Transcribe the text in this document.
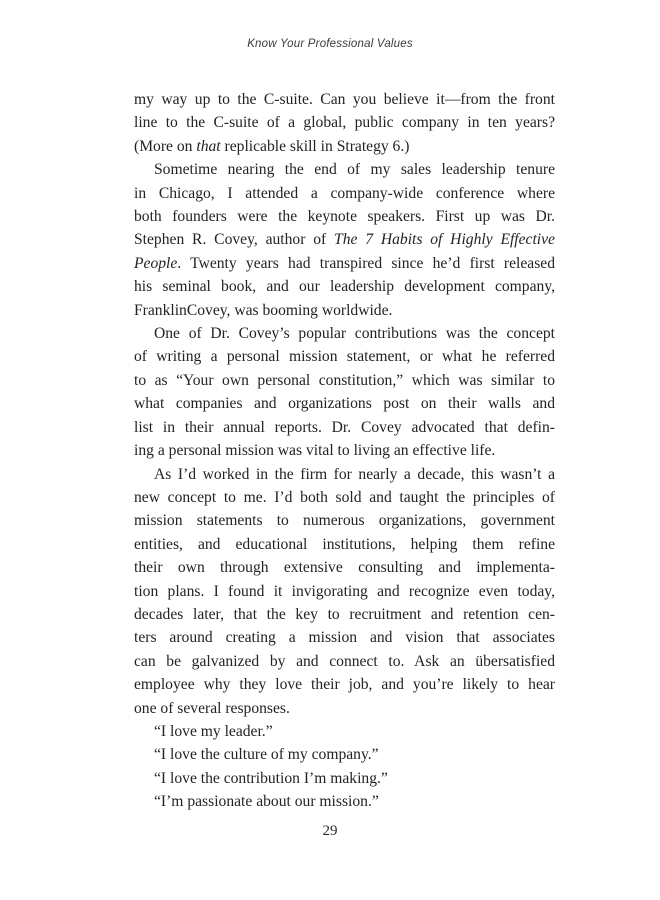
Know Your Professional Values
my way up to the C-suite. Can you believe it—from the front
line to the C-suite of a global, public company in ten years?
(More on that replicable skill in Strategy 6.)
Sometime nearing the end of my sales leadership tenure
in Chicago, I attended a company-wide conference where
both founders were the keynote speakers. First up was Dr.
Stephen R. Covey, author of The 7 Habits of Highly Effective
People. Twenty years had transpired since he’d first released
his seminal book, and our leadership development company,
FranklinCovey, was booming worldwide.
One of Dr. Covey’s popular contributions was the concept
of writing a personal mission statement, or what he referred
to as “Your own personal constitution,” which was similar to
what companies and organizations post on their walls and
list in their annual reports. Dr. Covey advocated that defin-
ing a personal mission was vital to living an effective life.
As I’d worked in the firm for nearly a decade, this wasn’t a
new concept to me. I’d both sold and taught the principles of
mission statements to numerous organizations, government
entities, and educational institutions, helping them refine
their own through extensive consulting and implementa-
tion plans. I found it invigorating and recognize even today,
decades later, that the key to recruitment and retention cen-
ters around creating a mission and vision that associates
can be galvanized by and connect to. Ask an übersatisfied
employee why they love their job, and you’re likely to hear
one of several responses.
“I love my leader.”
“I love the culture of my company.”
“I love the contribution I’m making.”
“I’m passionate about our mission.”
29
